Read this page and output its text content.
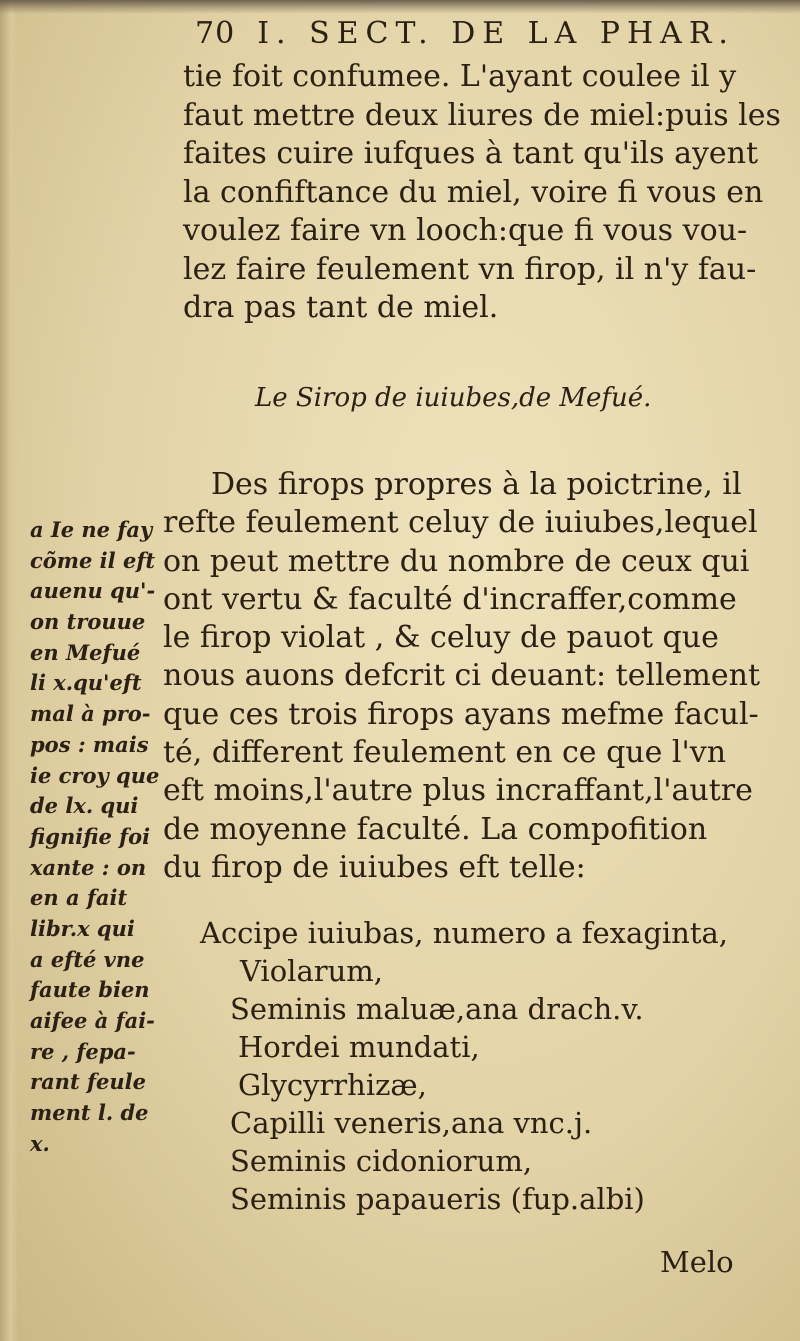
70 I. SECT. DE LA PHAR.
tie foit confumee. L'ayant coulee il y
faut mettre deux liures de miel:puis les
faites cuire iufques à tant qu'ils ayent
la confiftance du miel, voire fi vous en
voulez faire vn looch:que fi vous vou-
lez faire feulement vn firop, il n'y fau-
dra pas tant de miel.
Le Sirop de iuiubes,de Mefué.
Des firops propres à la poictrine, il
refte feulement celuy de iuiubes,lequel
on peut mettre du nombre de ceux qui
ont vertu & faculté d'incraffer,comme
le firop violat , & celuy de pauot que
nous auons defcrit ci deuant: tellement
que ces trois firops ayans mefme facul-
té, different feulement en ce que l'vn
eft moins,l'autre plus incraffant,l'autre
de moyenne faculté. La compofition
du firop de iuiubes eft telle:
a Ie ne fay
cõme il eft
auenu qu'-
on trouue
en Mefué
li x.qu'eft
mal à pro-
pos : mais
ie croy que
de lx. qui
fignifie foi
xante : on
en a fait
libr.x qui
a efté vne
faute bien
aifee à fai-
re , fepa-
rant feule
ment l. de
x.
Accipe iuiubas, numero a fexaginta,
Violarum,
Seminis maluæ,ana drach.v.
Hordei mundati,
Glycyrrhizæ,
Capilli veneris,ana vnc.j.
Seminis cidoniorum,
Seminis papaueris (fup.albi)
Melo
